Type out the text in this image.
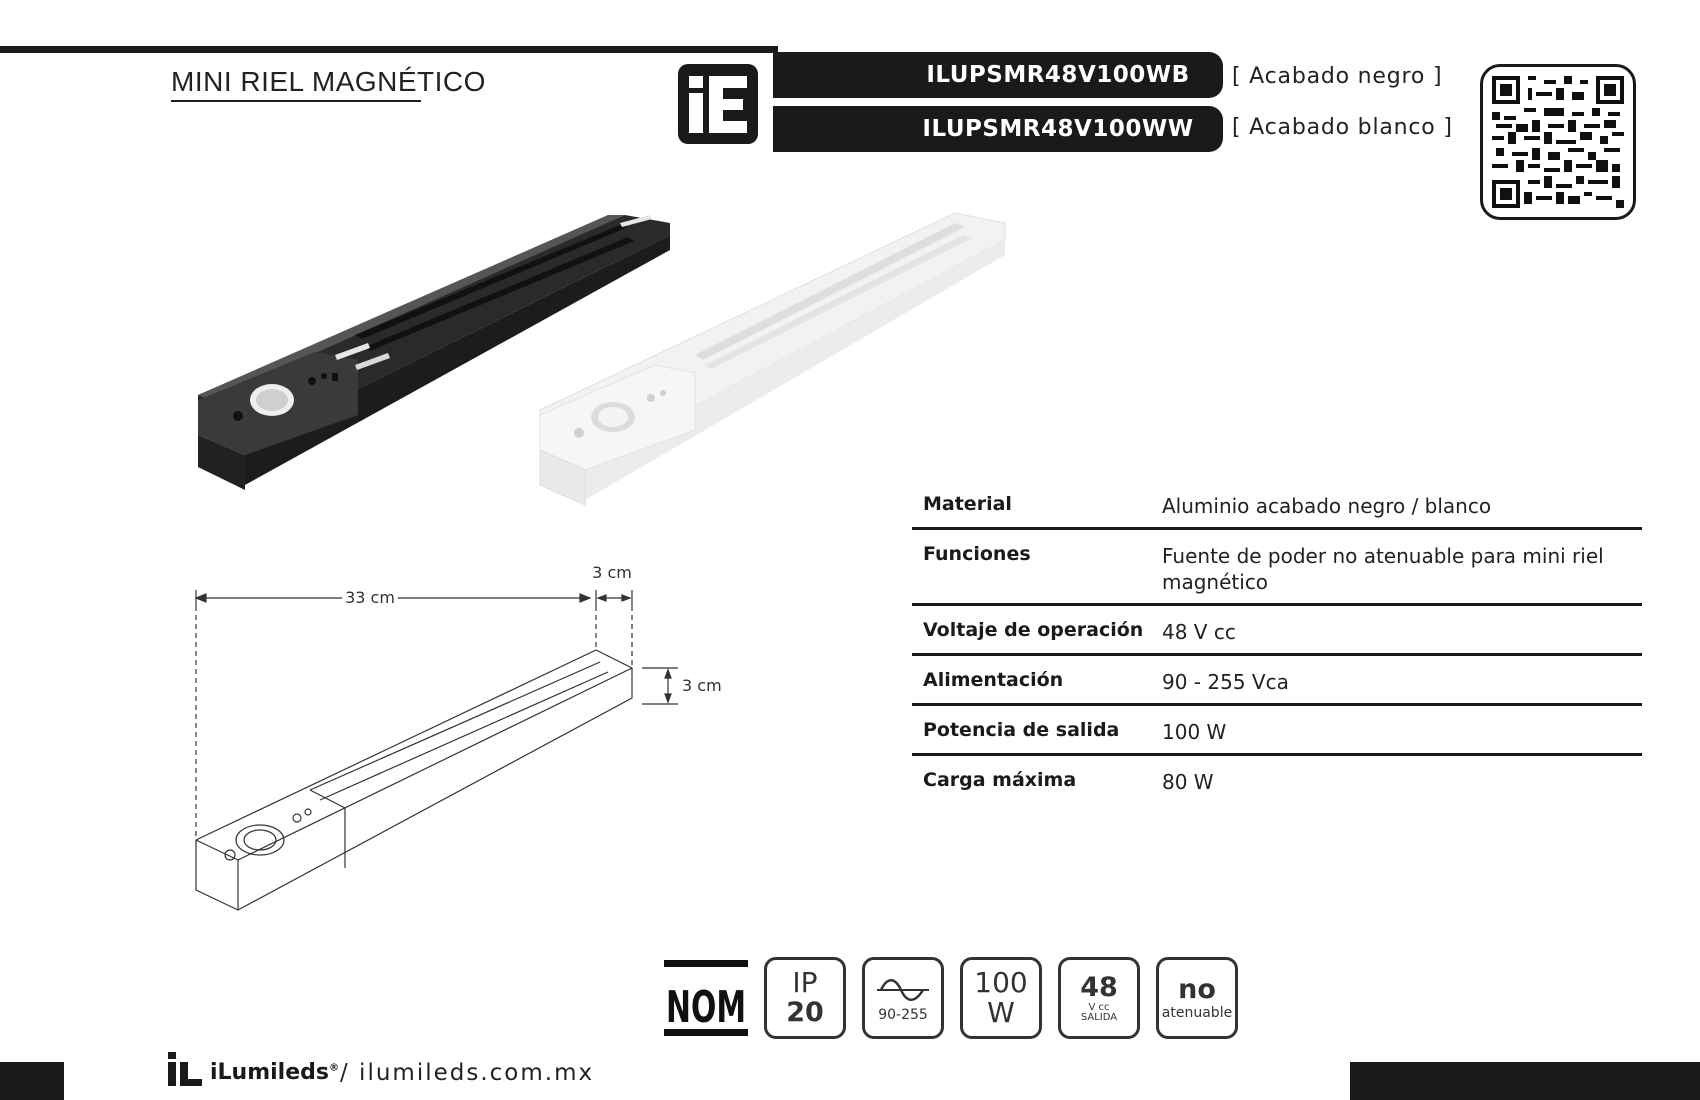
MINI RIEL MAGNÉTICO	ILUPSMR48V100WB
ILUPSMR48V100WW
[ Acabado negro ]
[ Acabado blanco ]
33 cm
3 cm
3 cm
Material	Aluminio acabado negro / blanco
Funciones	Fuente de poder no atenuable para mini riel magnético
Voltaje de operación 48 V cc
Alimentación	90 - 255 Vca
Potencia de salida	100 W
Carga máxima	80 W
NOM IP
20	90-255
100
W
48
V cc
SALIDA
no
atenuable
iLumileds® / ilumileds.com.mx
